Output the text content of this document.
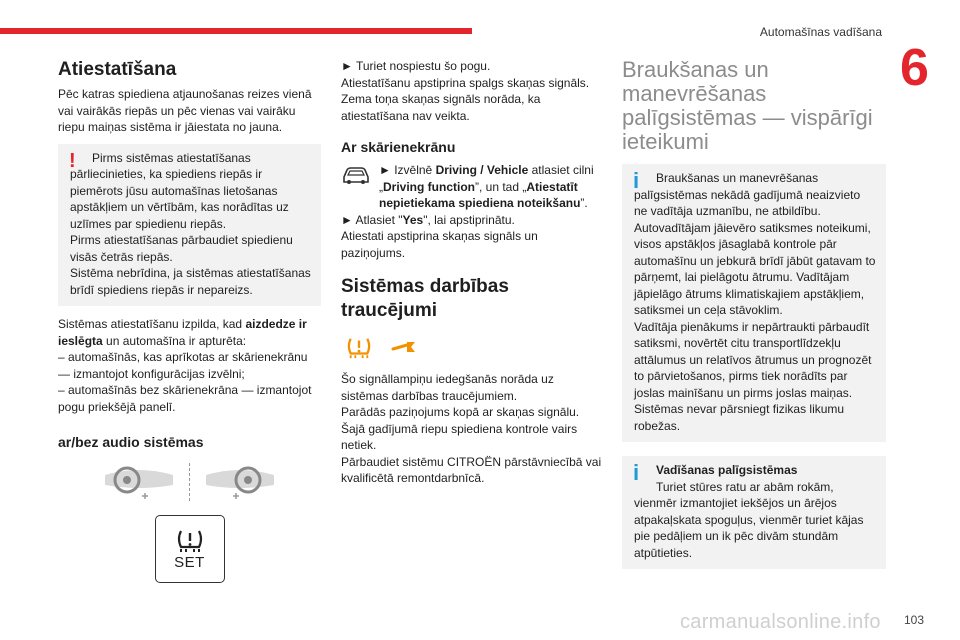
Automašīnas vadīšana
6
Atiestatīšana

Pēc katras spiediena atjaunošanas reizes vienā vai vairākās riepās un pēc vienas vai vairāku riepu maiņas sistēma ir jāiestata no jauna.

!	Pirms sistēmas atiestatīšanas

pārliecinieties, ka spiediens riepās ir piemērots jūsu automašīnas lietošanas apstākļiem un vērtībām, kas norādītas uz uzlīmes par spiedienu riepās.

Pirms atiestatīšanas pārbaudiet spiedienu visās četrās riepās.

Sistēma nebrīdina, ja sistēmas atiestatīšanas brīdī spiediens riepās ir nepareizs.

Sistēmas atiestatīšanu izpilda, kad aizdedze ir ieslēgta un automašīna ir apturēta:

– automašīnās, kas aprīkotas ar skārienekrānu — izmantojot konfigurācijas izvēlni;

– automašīnās bez skārienekrāna — izmantojot pogu priekšējā panelī.

ar/bez audio sistēmas
SET

► Turiet nospiestu šo pogu.

Atiestatīšanu apstiprina spalgs skaņas signāls.

Zema toņa skaņas signāls norāda, ka atiestatīšana nav veikta.

Ar skārienekrānu

► Izvēlnē Driving / Vehicle atlasiet cilni „Driving function”, un tad „Atiestatīt nepietiekama spiediena noteikšanu”.

► Atlasiet "Yes", lai apstiprinātu.

Atiestati apstiprina skaņas signāls un paziņojums.

Sistēmas darbības traucējumi

Šo signāllampiņu iedegšanās norāda uz sistēmas darbības traucējumiem.

Parādās paziņojums kopā ar skaņas signālu.

Šajā gadījumā riepu spiediena kontrole vairs netiek.

Pārbaudiet sistēmu CITROËN pārstāvniecībā vai kvalificētā remontdarbnīcā.

Braukšanas un manevrēšanas palīgsistēmas — vispārīgi ieteikumi
i	Braukšanas un manevrēšanas

palīgsistēmas nekādā gadījumā neaizvieto ne vadītāja uzmanību, ne atbildību.

Autovadītājam jāievēro satiksmes noteikumi, visos apstākļos jāsaglabā kontrole pār automašīnu un jebkurā brīdī jābūt gatavam to pārņemt, lai pielāgotu ātrumu. Vadītājam jāpielāgo ātrums klimatiskajiem apstākļiem, satiksmei un ceļa stāvoklim.

Vadītāja pienākums ir nepārtraukti pārbaudīt satiksmi, novērtēt citu transportlīdzekļu attālumus un relatīvos ātrumus un prognozēt to pārvietošanos, pirms tiek norādīts par joslas mainīšanu un pirms joslas maiņas.

Sistēmas nevar pārsniegt fizikas likumu robežas.

i	Vadīšanas palīgsistēmas

Turiet stūres ratu ar abām rokām,

vienmēr izmantojiet iekšējos un ārējos atpakaļskata spoguļus, vienmēr turiet kājas pie pedāļiem un ik pēc divām stundām atpūtieties.

carmanualsonline.info 103
